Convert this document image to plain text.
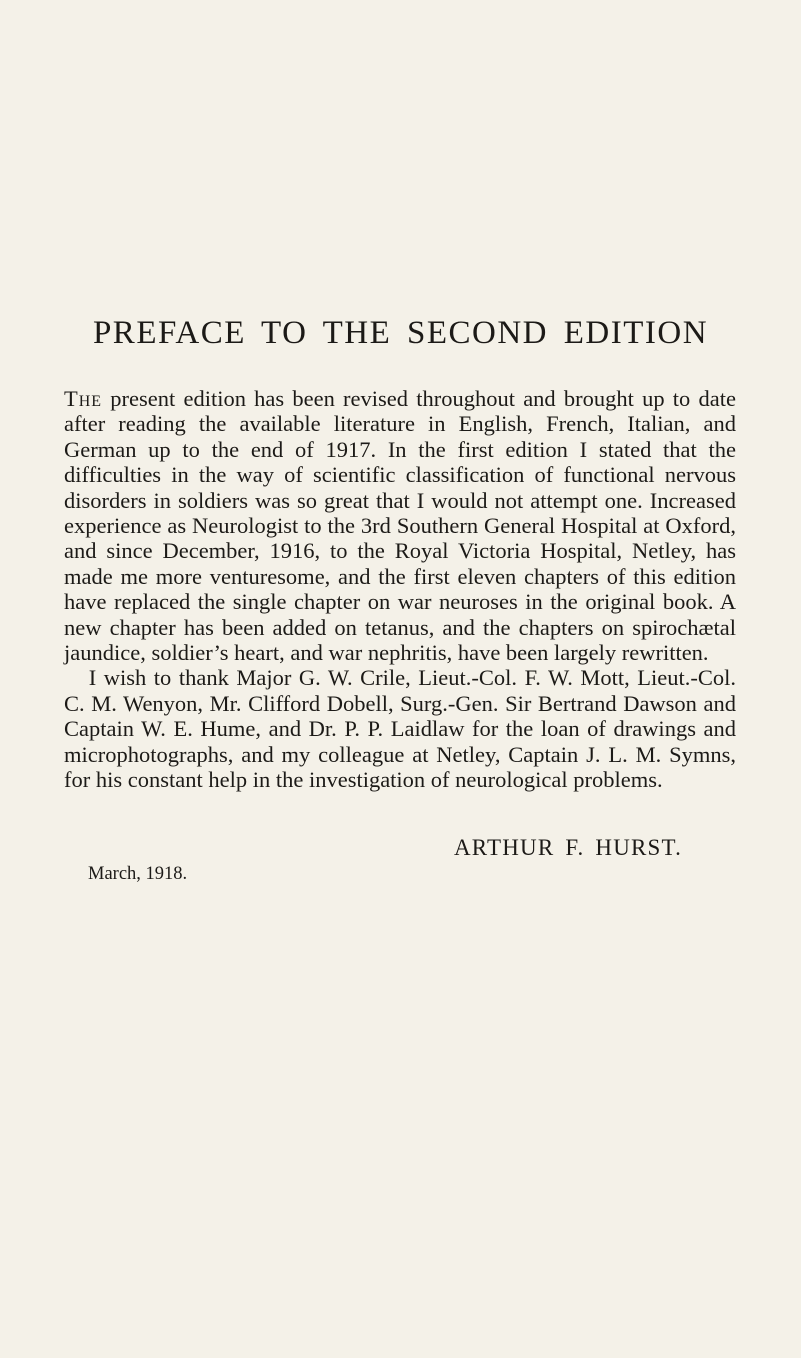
PREFACE TO THE SECOND EDITION

The present edition has been revised throughout and brought up to date after reading the available literature in English, French, Italian, and German up to the end of 1917. In the first edition I stated that the difficulties in the way of scientific classification of functional nervous disorders in soldiers was so great that I would not attempt one. Increased experience as Neurologist to the 3rd Southern General Hospital at Oxford, and since December, 1916, to the Royal Victoria Hospital, Netley, has made me more venturesome, and the first eleven chapters of this edition have replaced the single chapter on war neuroses in the original book. A new chapter has been added on tetanus, and the chapters on spirochætal jaundice, soldier’s heart, and war nephritis, have been largely rewritten.

I wish to thank Major G. W. Crile, Lieut.-Col. F. W. Mott, Lieut.-Col. C. M. Wenyon, Mr. Clifford Dobell, Surg.-Gen. Sir Bertrand Dawson and Captain W. E. Hume, and Dr. P. P. Laidlaw for the loan of drawings and microphotographs, and my colleague at Netley, Captain J. L. M. Symns, for his constant help in the investigation of neurological problems.

ARTHUR F. HURST.
March, 1918.
